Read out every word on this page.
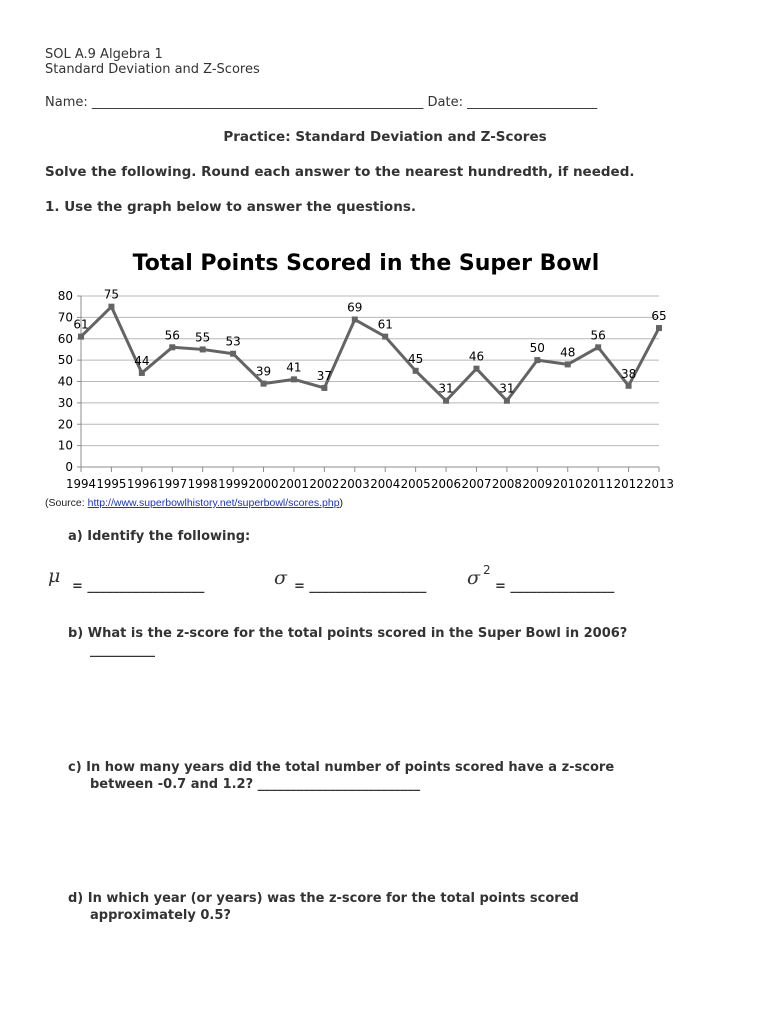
SOL A.9 Algebra 1
Standard Deviation and Z-Scores
Name: ___________________________________________________ Date: ____________________
Practice: Standard Deviation and Z-Scores
Solve the following. Round each answer to the nearest hundredth, if needed.
1. Use the graph below to answer the questions.
Total Points Scored in the Super Bowl
0
10
20
30
40
50
60
70
80
1994 1995 1996 1997 1998 1999 2000 2001 2002 2003 2004 2005 2006 2007 2008 2009 2010 2011 2012 2013
61
75
44
56 55 53
39 41
37
69
61
45
31
46
31
50 48
56
38
65
(Source: http://www.superbowlhistory.net/superbowl/scores.php)
a) Identify the following:
μ = __________________	σ = __________________ σ 2
= ________________
b) What is the z-score for the total points scored in the Super Bowl in 2006?
__________
c) In how many years did the total number of points scored have a z-score
between -0.7 and 1.2? _________________________
d) In which year (or years) was the z-score for the total points scored
approximately 0.5?
